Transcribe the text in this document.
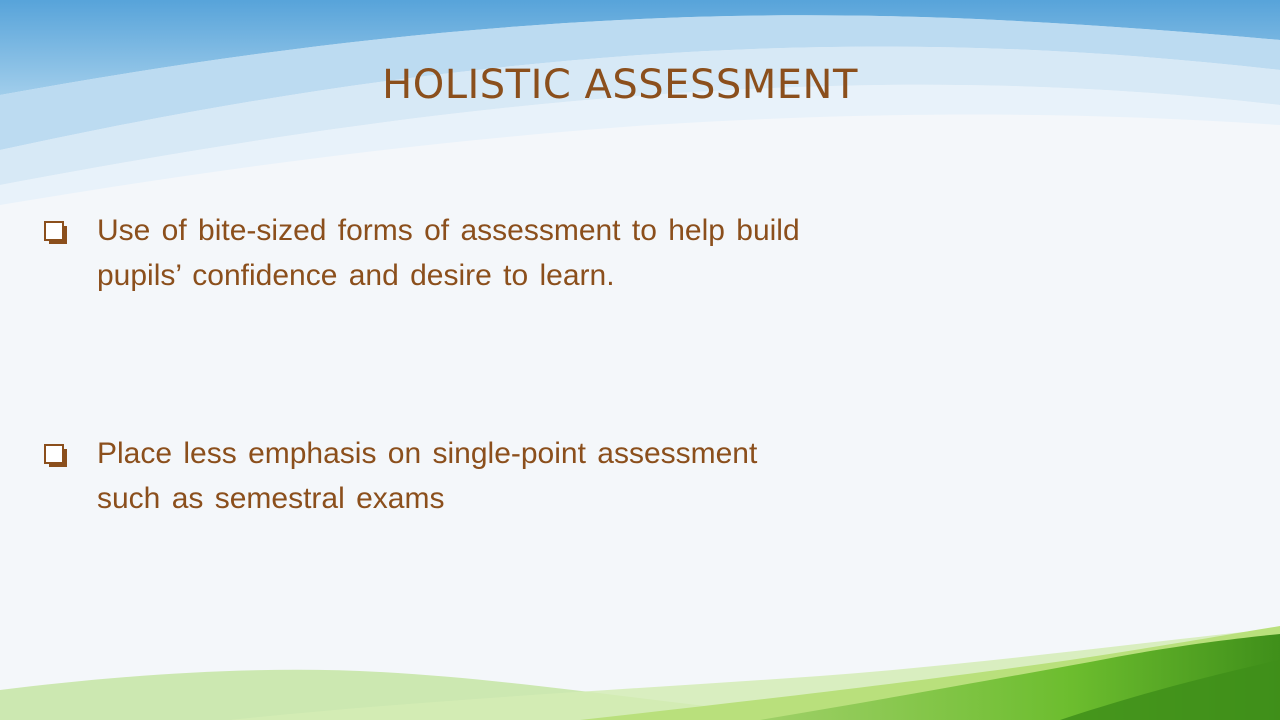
HOLISTIC ASSESSMENT
Use of bite-sized forms of assessment to help build
pupils’ confidence and desire to learn.
Place less emphasis on single-point assessment
such as semestral exams
